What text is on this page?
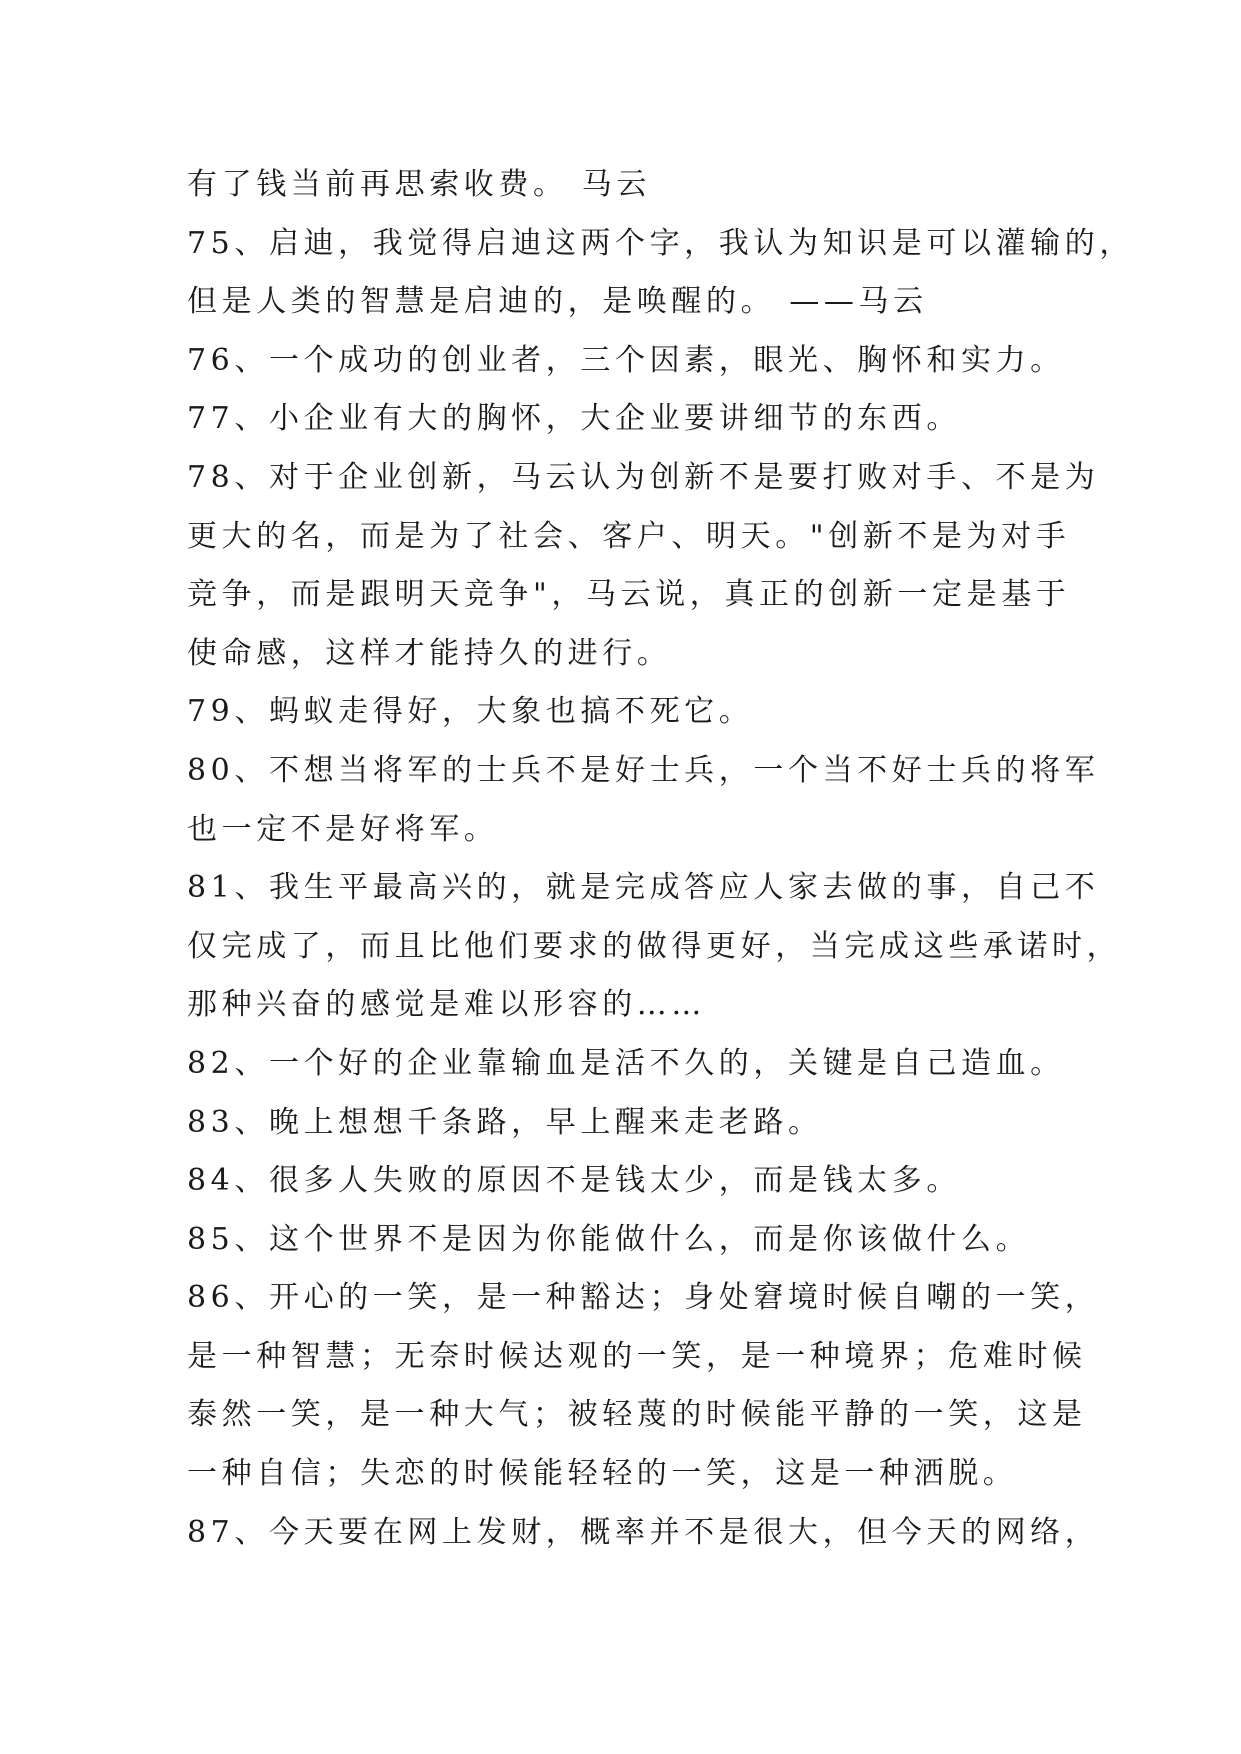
有了钱当前再思索收费。 马云
75、启迪，我觉得启迪这两个字，我认为知识是可以灌输的，
但是人类的智慧是启迪的，是唤醒的。 ——马云
76、一个成功的创业者，三个因素，眼光、胸怀和实力。
77、小企业有大的胸怀，大企业要讲细节的东西。
78、对于企业创新，马云认为创新不是要打败对手、不是为
更大的名，而是为了社会、客户、明天。"创新不是为对手
竞争，而是跟明天竞争"，马云说，真正的创新一定是基于
使命感，这样才能持久的进行。
79、蚂蚁走得好，大象也搞不死它。
80、不想当将军的士兵不是好士兵，一个当不好士兵的将军
也一定不是好将军。
81、我生平最高兴的，就是完成答应人家去做的事，自己不
仅完成了，而且比他们要求的做得更好，当完成这些承诺时，
那种兴奋的感觉是难以形容的……
82、一个好的企业靠输血是活不久的，关键是自己造血。
83、晚上想想千条路，早上醒来走老路。
84、很多人失败的原因不是钱太少，而是钱太多。
85、这个世界不是因为你能做什么，而是你该做什么。
86、开心的一笑，是一种豁达；身处窘境时候自嘲的一笑，
是一种智慧；无奈时候达观的一笑，是一种境界；危难时候
泰然一笑，是一种大气；被轻蔑的时候能平静的一笑，这是
一种自信；失恋的时候能轻轻的一笑，这是一种洒脱。
87、今天要在网上发财，概率并不是很大，但今天的网络，
